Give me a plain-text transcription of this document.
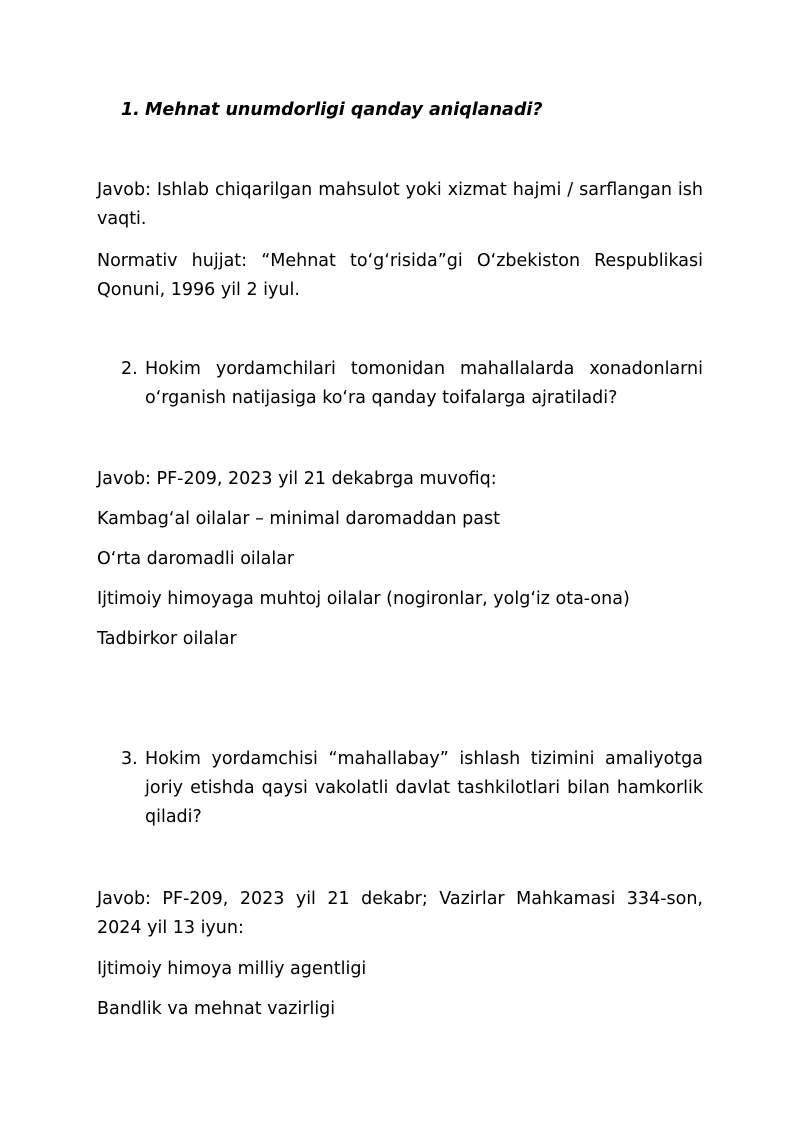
1. Mehnat unumdorligi qanday aniqlanadi?

Javob: Ishlab chiqarilgan mahsulot yoki xizmat hajmi / sarflangan ish vaqti.

Normativ hujjat: “Mehnat to‘g‘risida”gi O‘zbekiston Respublikasi Qonuni, 1996 yil 2 iyul.

2. Hokim yordamchilari tomonidan mahallalarda xonadonlarni o‘rganish natijasiga ko‘ra qanday toifalarga ajratiladi?

Javob: PF-209, 2023 yil 21 dekabrga muvofiq:

Kambag‘al oilalar – minimal daromaddan past

O‘rta daromadli oilalar

Ijtimoiy himoyaga muhtoj oilalar (nogironlar, yolg‘iz ota-ona)

Tadbirkor oilalar

3. Hokim yordamchisi “mahallabay” ishlash tizimini amaliyotga joriy etishda qaysi vakolatli davlat tashkilotlari bilan hamkorlik qiladi?

Javob: PF-209, 2023 yil 21 dekabr; Vazirlar Mahkamasi 334-son, 2024 yil 13 iyun:

Ijtimoiy himoya milliy agentligi

Bandlik va mehnat vazirligi
